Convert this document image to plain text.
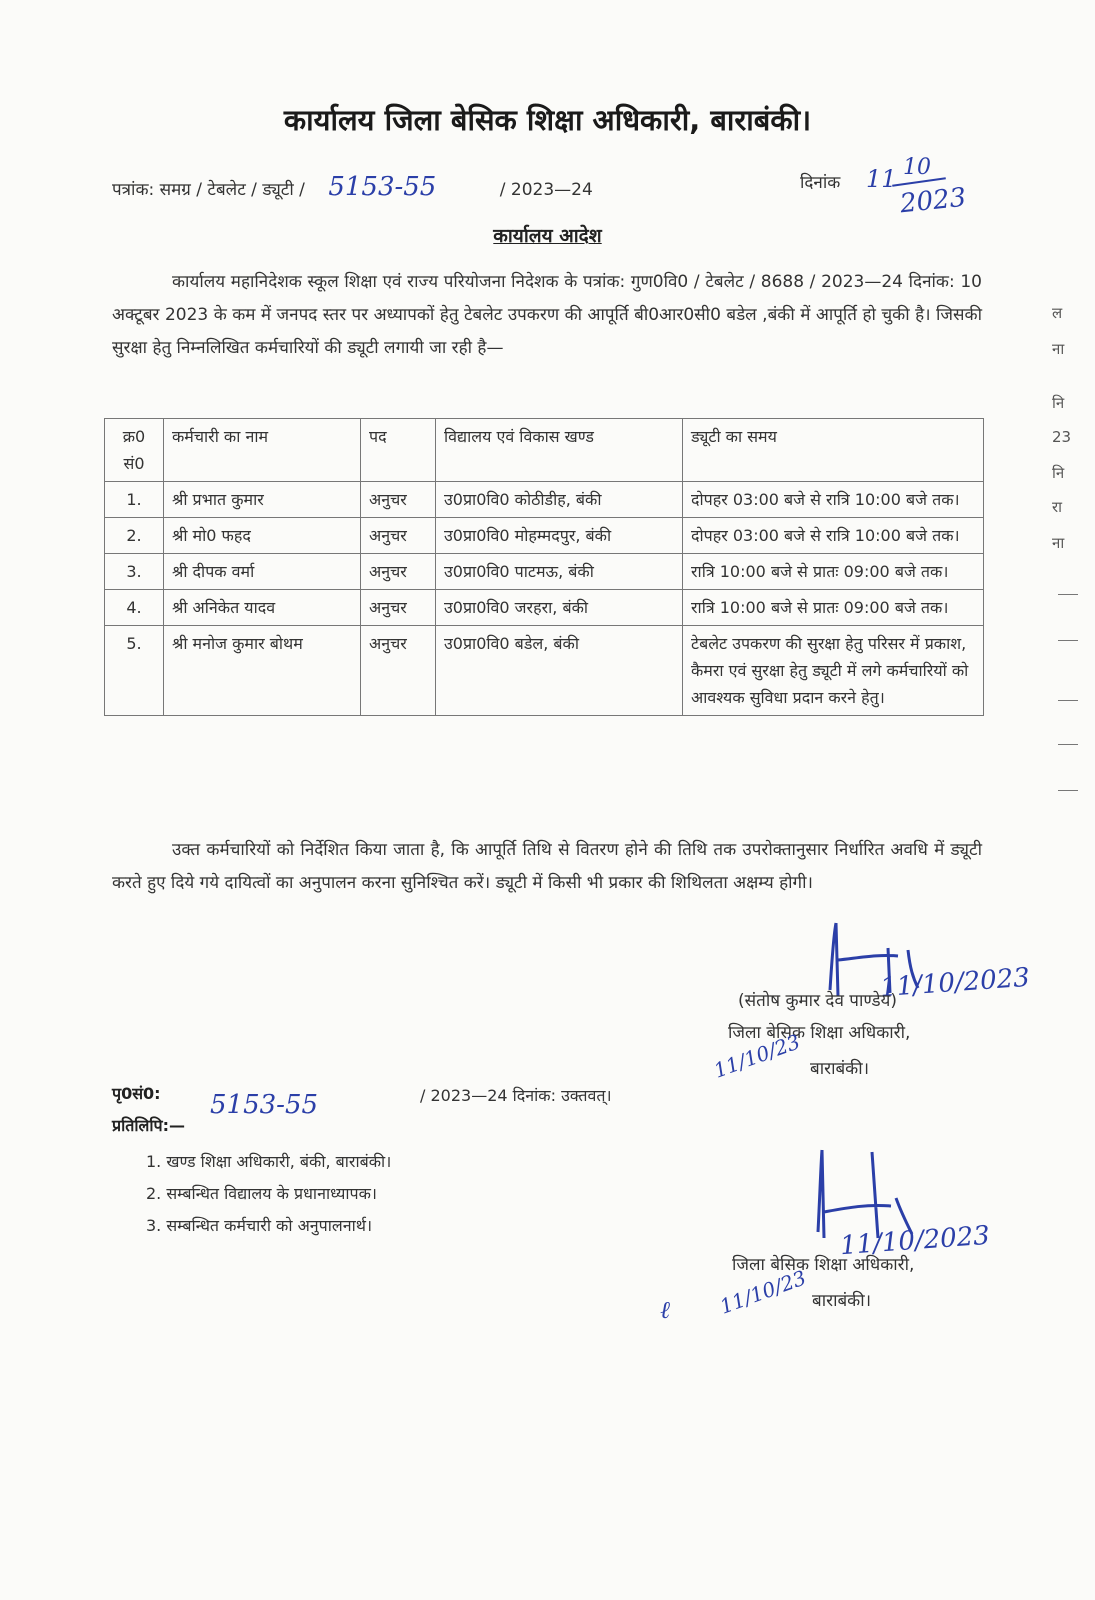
कार्यालय जिला बेसिक शिक्षा अधिकारी, बाराबंकी।
पत्रांक: समग्र / टेबलेट / ड्यूटी / 5153-55	/ 2023—24	दिनांक 11 10
2023
कार्यालय आदेश
कार्यालय महानिदेशक स्कूल शिक्षा एवं राज्य परियोजना निदेशक के पत्रांक: गुण0वि0 / टेबलेट / 8688 / 2023—24 दिनांक: 10 अक्टूबर 2023 के कम में जनपद स्तर पर अध्यापकों हेतु टेबलेट उपकरण की आपूर्ति बी0आर0सी0 बडेल ,बंकी में आपूर्ति हो चुकी है। जिसकी सुरक्षा हेतु निम्नलिखित कर्मचारियों की ड्यूटी लगायी जा रही है—
क्र0 सं0	कर्मचारी का नाम	पद	विद्यालय एवं विकास खण्ड	ड्यूटी का समय
1.	श्री प्रभात कुमार	अनुचर	उ0प्रा0वि0 कोठीडीह, बंकी	दोपहर 03:00 बजे से रात्रि 10:00 बजे तक।
2.	श्री मो0 फहद	अनुचर	उ0प्रा0वि0 मोहम्मदपुर, बंकी	दोपहर 03:00 बजे से रात्रि 10:00 बजे तक।
3.	श्री दीपक वर्मा	अनुचर	उ0प्रा0वि0 पाटमऊ, बंकी	रात्रि 10:00 बजे से प्रातः 09:00 बजे तक।
4.	श्री अनिकेत यादव	अनुचर	उ0प्रा0वि0 जरहरा, बंकी	रात्रि 10:00 बजे से प्रातः 09:00 बजे तक।
5.	श्री मनोज कुमार बोथम	अनुचर	उ0प्रा0वि0 बडेल, बंकी	टेबलेट उपकरण की सुरक्षा हेतु परिसर में प्रकाश, कैमरा एवं सुरक्षा हेतु ड्यूटी में लगे कर्मचारियों को आवश्यक सुविधा प्रदान करने हेतु।
उक्त कर्मचारियों को निर्देशित किया जाता है, कि आपूर्ति तिथि से वितरण होने की तिथि तक उपरोक्तानुसार निर्धारित अवधि में ड्यूटी करते हुए दिये गये दायित्वों का अनुपालन करना सुनिश्चित करें। ड्यूटी में किसी भी प्रकार की शिथिलता अक्षम्य होगी।
11/10/2023
(संतोष कुमार देव पाण्डेय)
जिला बेसिक शिक्षा अधिकारी,
11/10/23 बाराबंकी।
पृ0सं0: 5153-55	/ 2023—24 दिनांक: उक्तवत्।
प्रतिलिपि:—
1. खण्ड शिक्षा अधिकारी, बंकी, बाराबंकी।
2. सम्बन्धित विद्यालय के प्रधानाध्यापक।
3. सम्बन्धित कर्मचारी को अनुपालनार्थ।	11/10/2023
जिला बेसिक शिक्षा अधिकारी,
11/10/23
ℓ	बाराबंकी।
ल
ना
नि
23
नि
रा
ना
